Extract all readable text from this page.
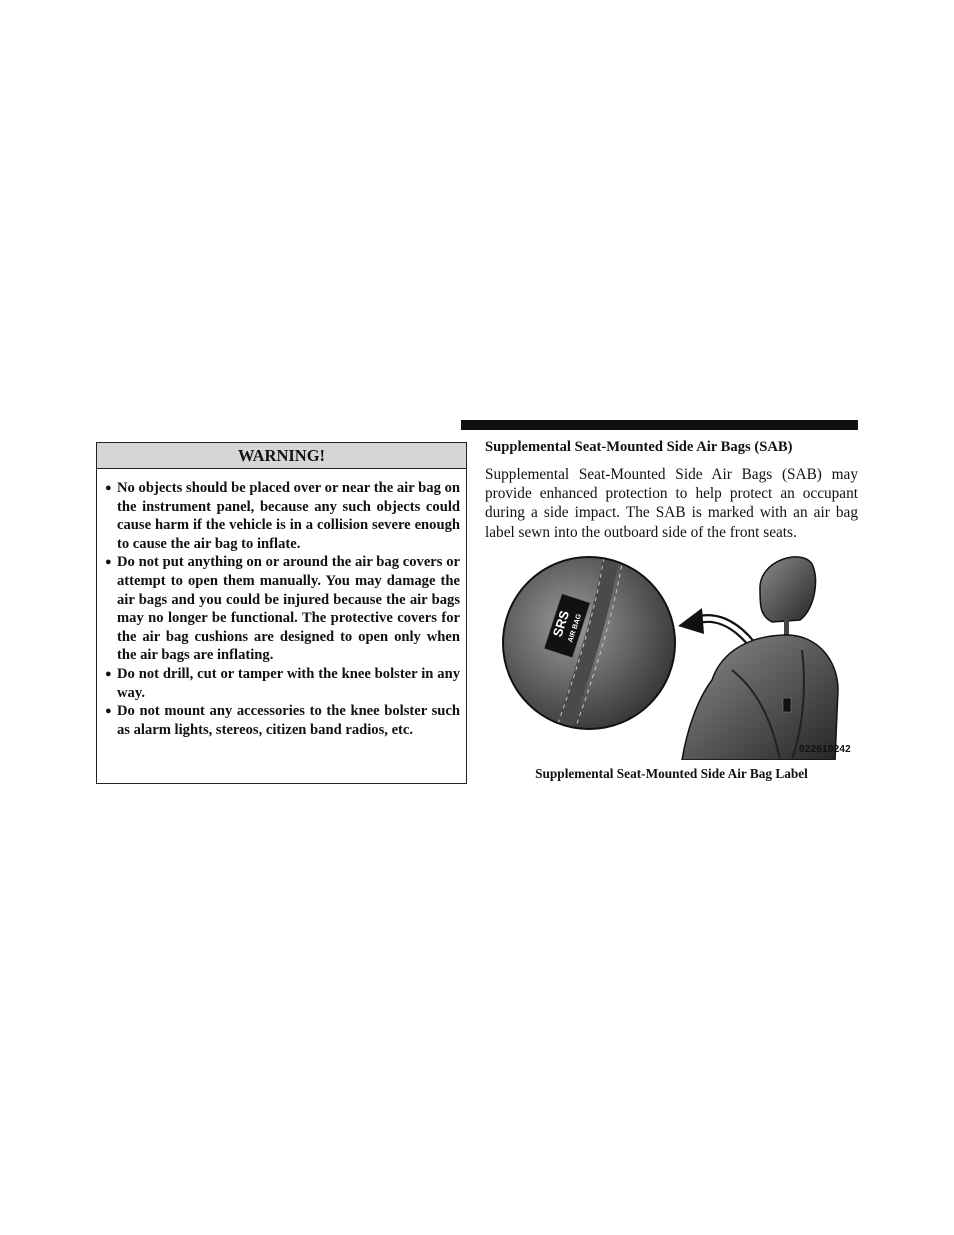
WARNING!
● No objects should be placed over or near the air bag on the instrument panel, because any such objects could cause harm if the vehicle is in a collision severe enough to cause the air bag to inflate.
● Do not put anything on or around the air bag covers or attempt to open them manually. You may damage the air bags and you could be injured because the air bags may no longer be functional. The protective covers for the air bag cushions are designed to open only when the air bags are inflating.
● Do not drill, cut or tamper with the knee bolster in any way.
● Do not mount any accessories to the knee bolster such as alarm lights, stereos, citizen band radios, etc.
Supplemental Seat-Mounted Side Air Bags (SAB)

Supplemental Seat-Mounted Side Air Bags (SAB) may provide enhanced protection to help protect an occupant during a side impact. The SAB is marked with an air bag label sewn into the outboard side of the front seats.

SRS
AIR BAG
022610242
Supplemental Seat-Mounted Side Air Bag Label
